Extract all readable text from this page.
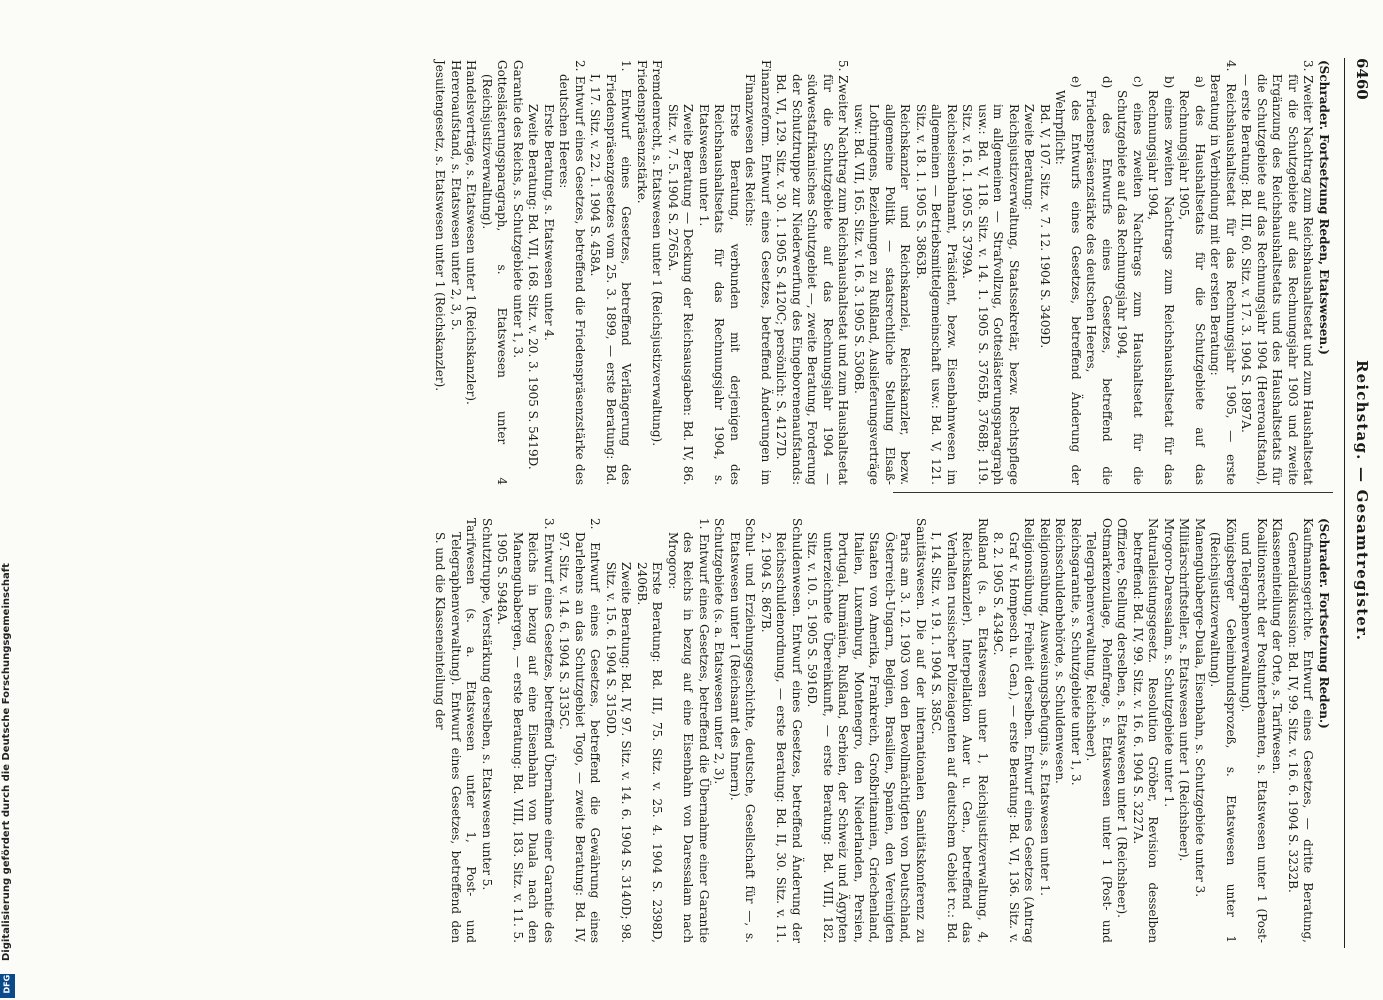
6460
Reichstag. — Gesamtregister.

(Schrader. Fortsetzung Reden, Etatswesen.)

3. Zweiter Nachtrag zum Reichshaushaltsetat und zum Haushaltsetat für die Schutzgebiete auf das Rechnungsjahr 1903 und zweite Ergänzung des Reichshaushaltsetats und des Haushaltsetats für die Schutzgebiete auf das Rechnungsjahr 1904 (Hereroaufstand), — erste Beratung: Bd. III, 60. Sitz. v. 17. 3. 1904 S. 1897A.

4. Reichshaushaltsetat für das Rechnungsjahr 1905, — erste Beratung in Verbindung mit der ersten Beratung:

a) des Haushaltsetats für die Schutzgebiete auf das Rechnungsjahr 1905,

b) eines zweiten Nachtrags zum Reichshaushaltsetat für das Rechnungsjahr 1904,

c) eines zweiten Nachtrags zum Haushaltsetat für die Schutzgebiete auf das Rechnungsjahr 1904,

d) des Entwurfs eines Gesetzes, betreffend die Friedenspräsenzstärke des deutschen Heeres,

e) des Entwurfs eines Gesetzes, betreffend Änderung der Wehrpflicht:

Bd. V, 107. Sitz. v. 7. 12. 1904 S. 3409D.

Zweite Beratung:

Reichsjustizverwaltung, Staatssekretär, bezw. Rechtspflege im allgemeinen — Strafvollzug, Gotteslästerungsparagraph usw.: Bd. V, 118. Sitz. v. 14. 1. 1905 S. 3765B, 3768B; 119. Sitz. v. 16. 1. 1905 S. 3799A.

Reichseisenbahnamt, Präsident, bezw. Eisenbahnwesen im allgemeinen — Betriebsmittelgemeinschaft usw.: Bd. V, 121. Sitz. v. 18. 1. 1905 S. 3863B.

Reichskanzler und Reichskanzlei, Reichskanzler, bezw. allgemeine Politik — staatsrechtliche Stellung Elsaß-Lothringens, Beziehungen zu Rußland, Auslieferungsverträge usw.: Bd. VII, 165. Sitz. v. 16. 3. 1905 S. 5306B.

5. Zweiter Nachtrag zum Reichshaushaltsetat und zum Haushaltsetat für die Schutzgebiete auf das Rechnungsjahr 1904 — südwestafrikanisches Schutzgebiet —, zweite Beratung, Forderung der Schutztruppe zur Niederwerfung des Eingeborenenaufstands: Bd. VI, 129. Sitz. v. 30. 1. 1905 S. 4120C; persönlich: S. 4127D.

Finanzreform. Entwurf eines Gesetzes, betreffend Änderungen im Finanzwesen des Reichs:

Erste Beratung, verbunden mit derjenigen des Reichshaushaltsetats für das Rechnungsjahr 1904, s. Etatswesen unter 1.

Zweite Beratung — Deckung der Reichsausgaben: Bd. IV, 86. Sitz. v. 7. 5. 1904 S. 2765A.

Fremdenrecht, s. Etatswesen unter 1 (Reichsjustizverwaltung).

Friedenspräsenzstärke.

1. Entwurf eines Gesetzes, betreffend Verlängerung des Friedenspräsenzgesetzes vom 25. 3. 1899, — erste Beratung: Bd. I, 17. Sitz. v. 22. 1. 1904 S. 458A.

2. Entwurf eines Gesetzes, betreffend die Friedenspräsenzstärke des deutschen Heeres:

Erste Beratung, s. Etatswesen unter 4.

Zweite Beratung: Bd. VII, 168. Sitz. v. 20. 3. 1905 S. 5419D.

Garantie des Reichs, s. Schutzgebiete unter 1, 3.

Gotteslästerungsparagraph, s. Etatswesen unter 4 (Reichsjustizverwaltung).

Handelsverträge, s. Etatswesen unter 1 (Reichskanzler).

Hereroaufstand, s. Etatswesen unter 2, 3, 5.

Jesuitengesetz, s. Etatswesen unter 1 (Reichskanzler).

(Schrader. Fortsetzung Reden.)

Kaufmannsgerichte. Entwurf eines Gesetzes, — dritte Beratung, Generaldiskussion: Bd. IV, 99. Sitz. v. 16. 6. 1904 S. 3232B.

Klasseneinteilung der Orte, s. Tarifwesen.

Koalitionsrecht der Postunterbeamten, s. Etatswesen unter 1 (Post- und Telegraphenverwaltung).

Königsberger Geheimbundsprozeß, s. Etatswesen unter 1 (Reichsjustizverwaltung).

Manengubaberge-Duala, Eisenbahn, s. Schutzgebiete unter 3.

Militärschriftsteller, s. Etatswesen unter 1 (Reichsheer).

Mrogoro-Daressalam, s. Schutzgebiete unter 1.

Naturalleistungsgesetz. Resolution Gröber, Revision desselben betreffend: Bd. IV, 99. Sitz. v. 16. 6. 1904 S. 3227A.

Offiziere, Stellung derselben, s. Etatswesen unter 1 (Reichsheer).

Ostmarkenzulage, Polenfrage, s. Etatswesen unter 1 (Post- und Telegraphenverwaltung, Reichsheer).

Reichsgarantie, s. Schutzgebiete unter 1, 3.

Reichsschuldenbehörde, s. Schuldenwesen.

Religionsübung, Ausweisungsbefugnis, s. Etatswesen unter 1.

Religionsübung, Freiheit derselben. Entwurf eines Gesetzes (Antrag Graf v. Hompesch u. Gen.), — erste Beratung: Bd. VI, 136. Sitz. v. 8. 2. 1905 S. 4349C.

Rußland (s. a. Etatswesen unter 1, Reichsjustizverwaltung, 4, Reichskanzler). Interpellation Auer u. Gen., betreffend das Verhalten russischer Polizeiagenten auf deutschem Gebiet rc.: Bd. I, 14. Sitz. v. 19. 1. 1904 S. 385C.

Sanitätswesen. Die auf der internationalen Sanitätskonferenz zu Paris am 3. 12. 1903 von den Bevollmächtigten von Deutschland, Österreich-Ungarn, Belgien, Brasilien, Spanien, den Vereinigten Staaten von Amerika, Frankreich, Großbritannien, Griechenland, Italien, Luxemburg, Montenegro, den Niederlanden, Persien, Portugal, Rumänien, Rußland, Serbien, der Schweiz und Ägypten unterzeichnete Übereinkunft, — erste Beratung: Bd. VIII, 182. Sitz. v. 10. 5. 1905 S. 5916D.

Schuldenwesen. Entwurf eines Gesetzes, betreffend Änderung der Reichsschuldenordnung, — erste Beratung: Bd. II, 30. Sitz. v. 11. 2. 1904 S. 867B.

Schul- und Erziehungsgeschichte, deutsche, Gesellschaft für —, s. Etatswesen unter 1 (Reichsamt des Innern).

Schutzgebiete (s. a. Etatswesen unter 2, 3).

1. Entwurf eines Gesetzes, betreffend die Übernahme einer Garantie des Reichs in bezug auf eine Eisenbahn von Daressalam nach Mrogoro:

Erste Beratung: Bd. III, 75. Sitz. v. 25. 4. 1904 S. 2398D, 2406B.

Zweite Beratung: Bd. IV, 97. Sitz. v. 14. 6. 1904 S. 3140D; 98. Sitz. v. 15. 6. 1904 S. 3150D.

2. Entwurf eines Gesetzes, betreffend die Gewährung eines Darlehens an das Schutzgebiet Togo, — zweite Beratung: Bd. IV, 97. Sitz. v. 14. 6. 1904 S. 3135C.

3. Entwurf eines Gesetzes, betreffend Übernahme einer Garantie des Reichs in bezug auf eine Eisenbahn von Duala nach den Manengubabergen, — erste Beratung: Bd. VIII, 183. Sitz. v. 11. 5. 1905 S. 5948A.

Schutztruppe, Verstärkung derselben, s. Etatswesen unter 5.

Tarifwesen (s. a. Etatswesen unter 1, Post- und Telegraphenverwaltung). Entwurf eines Gesetzes, betreffend den S. und die Klasseneinteilung der

Digitalisierung gefördert durch die Deutsche Forschungsgemeinschaft
DFG
